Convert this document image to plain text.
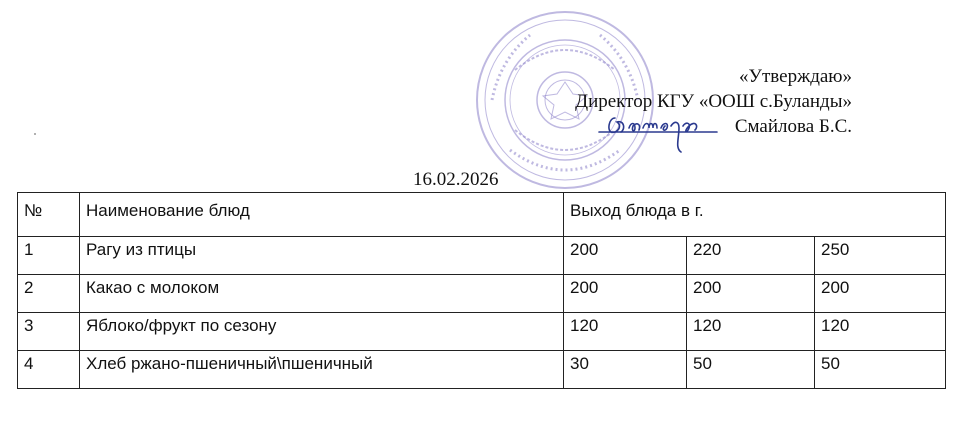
«Утверждаю»
Директор КГУ «ООШ с.Буланды»
Смайлова Б.С.
16.02.2026
№	Наименование блюд	Выход блюда в г.		
1	Рагу из птицы	200	220	250
2	Какао с молоком	200	200	200
3	Яблоко/фрукт по сезону	120	120	120
4	Хлеб ржано-пшеничный\пшеничный	30	50	50
